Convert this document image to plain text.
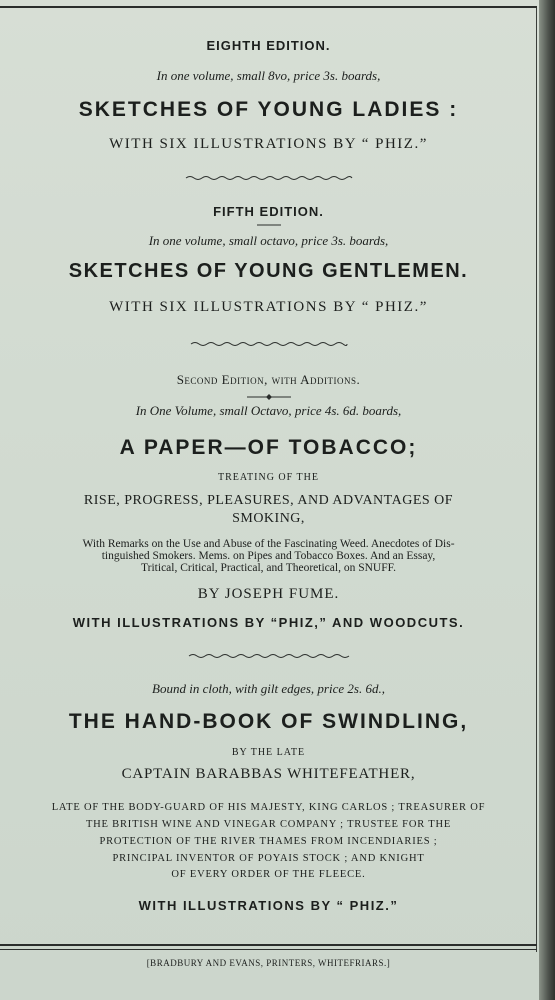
EIGHTH EDITION.

In one volume, small 8vo, price 3s. boards,

SKETCHES OF YOUNG LADIES :

WITH SIX ILLUSTRATIONS BY “ PHIZ.”

FIFTH EDITION.

In one volume, small octavo, price 3s. boards,

SKETCHES OF YOUNG GENTLEMEN.

WITH SIX ILLUSTRATIONS BY “ PHIZ.”

Second Edition, with Additions.

In One Volume, small Octavo, price 4s. 6d. boards,

A PAPER—OF TOBACCO;

TREATING OF THE

RISE, PROGRESS, PLEASURES, AND ADVANTAGES OF

SMOKING,

With Remarks on the Use and Abuse of the Fascinating Weed. Anecdotes of Dis-

tinguished Smokers. Mems. on Pipes and Tobacco Boxes. And an Essay,

Tritical, Critical, Practical, and Theoretical, on SNUFF.

BY JOSEPH FUME.

WITH ILLUSTRATIONS BY “PHIZ,” AND WOODCUTS.

Bound in cloth, with gilt edges, price 2s. 6d.,

THE HAND-BOOK OF SWINDLING,

BY THE LATE

CAPTAIN BARABBAS WHITEFEATHER,

LATE OF THE BODY-GUARD OF HIS MAJESTY, KING CARLOS ; TREASURER OF

THE BRITISH WINE AND VINEGAR COMPANY ; TRUSTEE FOR THE

PROTECTION OF THE RIVER THAMES FROM INCENDIARIES ;

PRINCIPAL INVENTOR OF POYAIS STOCK ; AND KNIGHT

OF EVERY ORDER OF THE FLEECE.

WITH ILLUSTRATIONS BY “ PHIZ.”

[BRADBURY AND EVANS, PRINTERS, WHITEFRIARS.]
